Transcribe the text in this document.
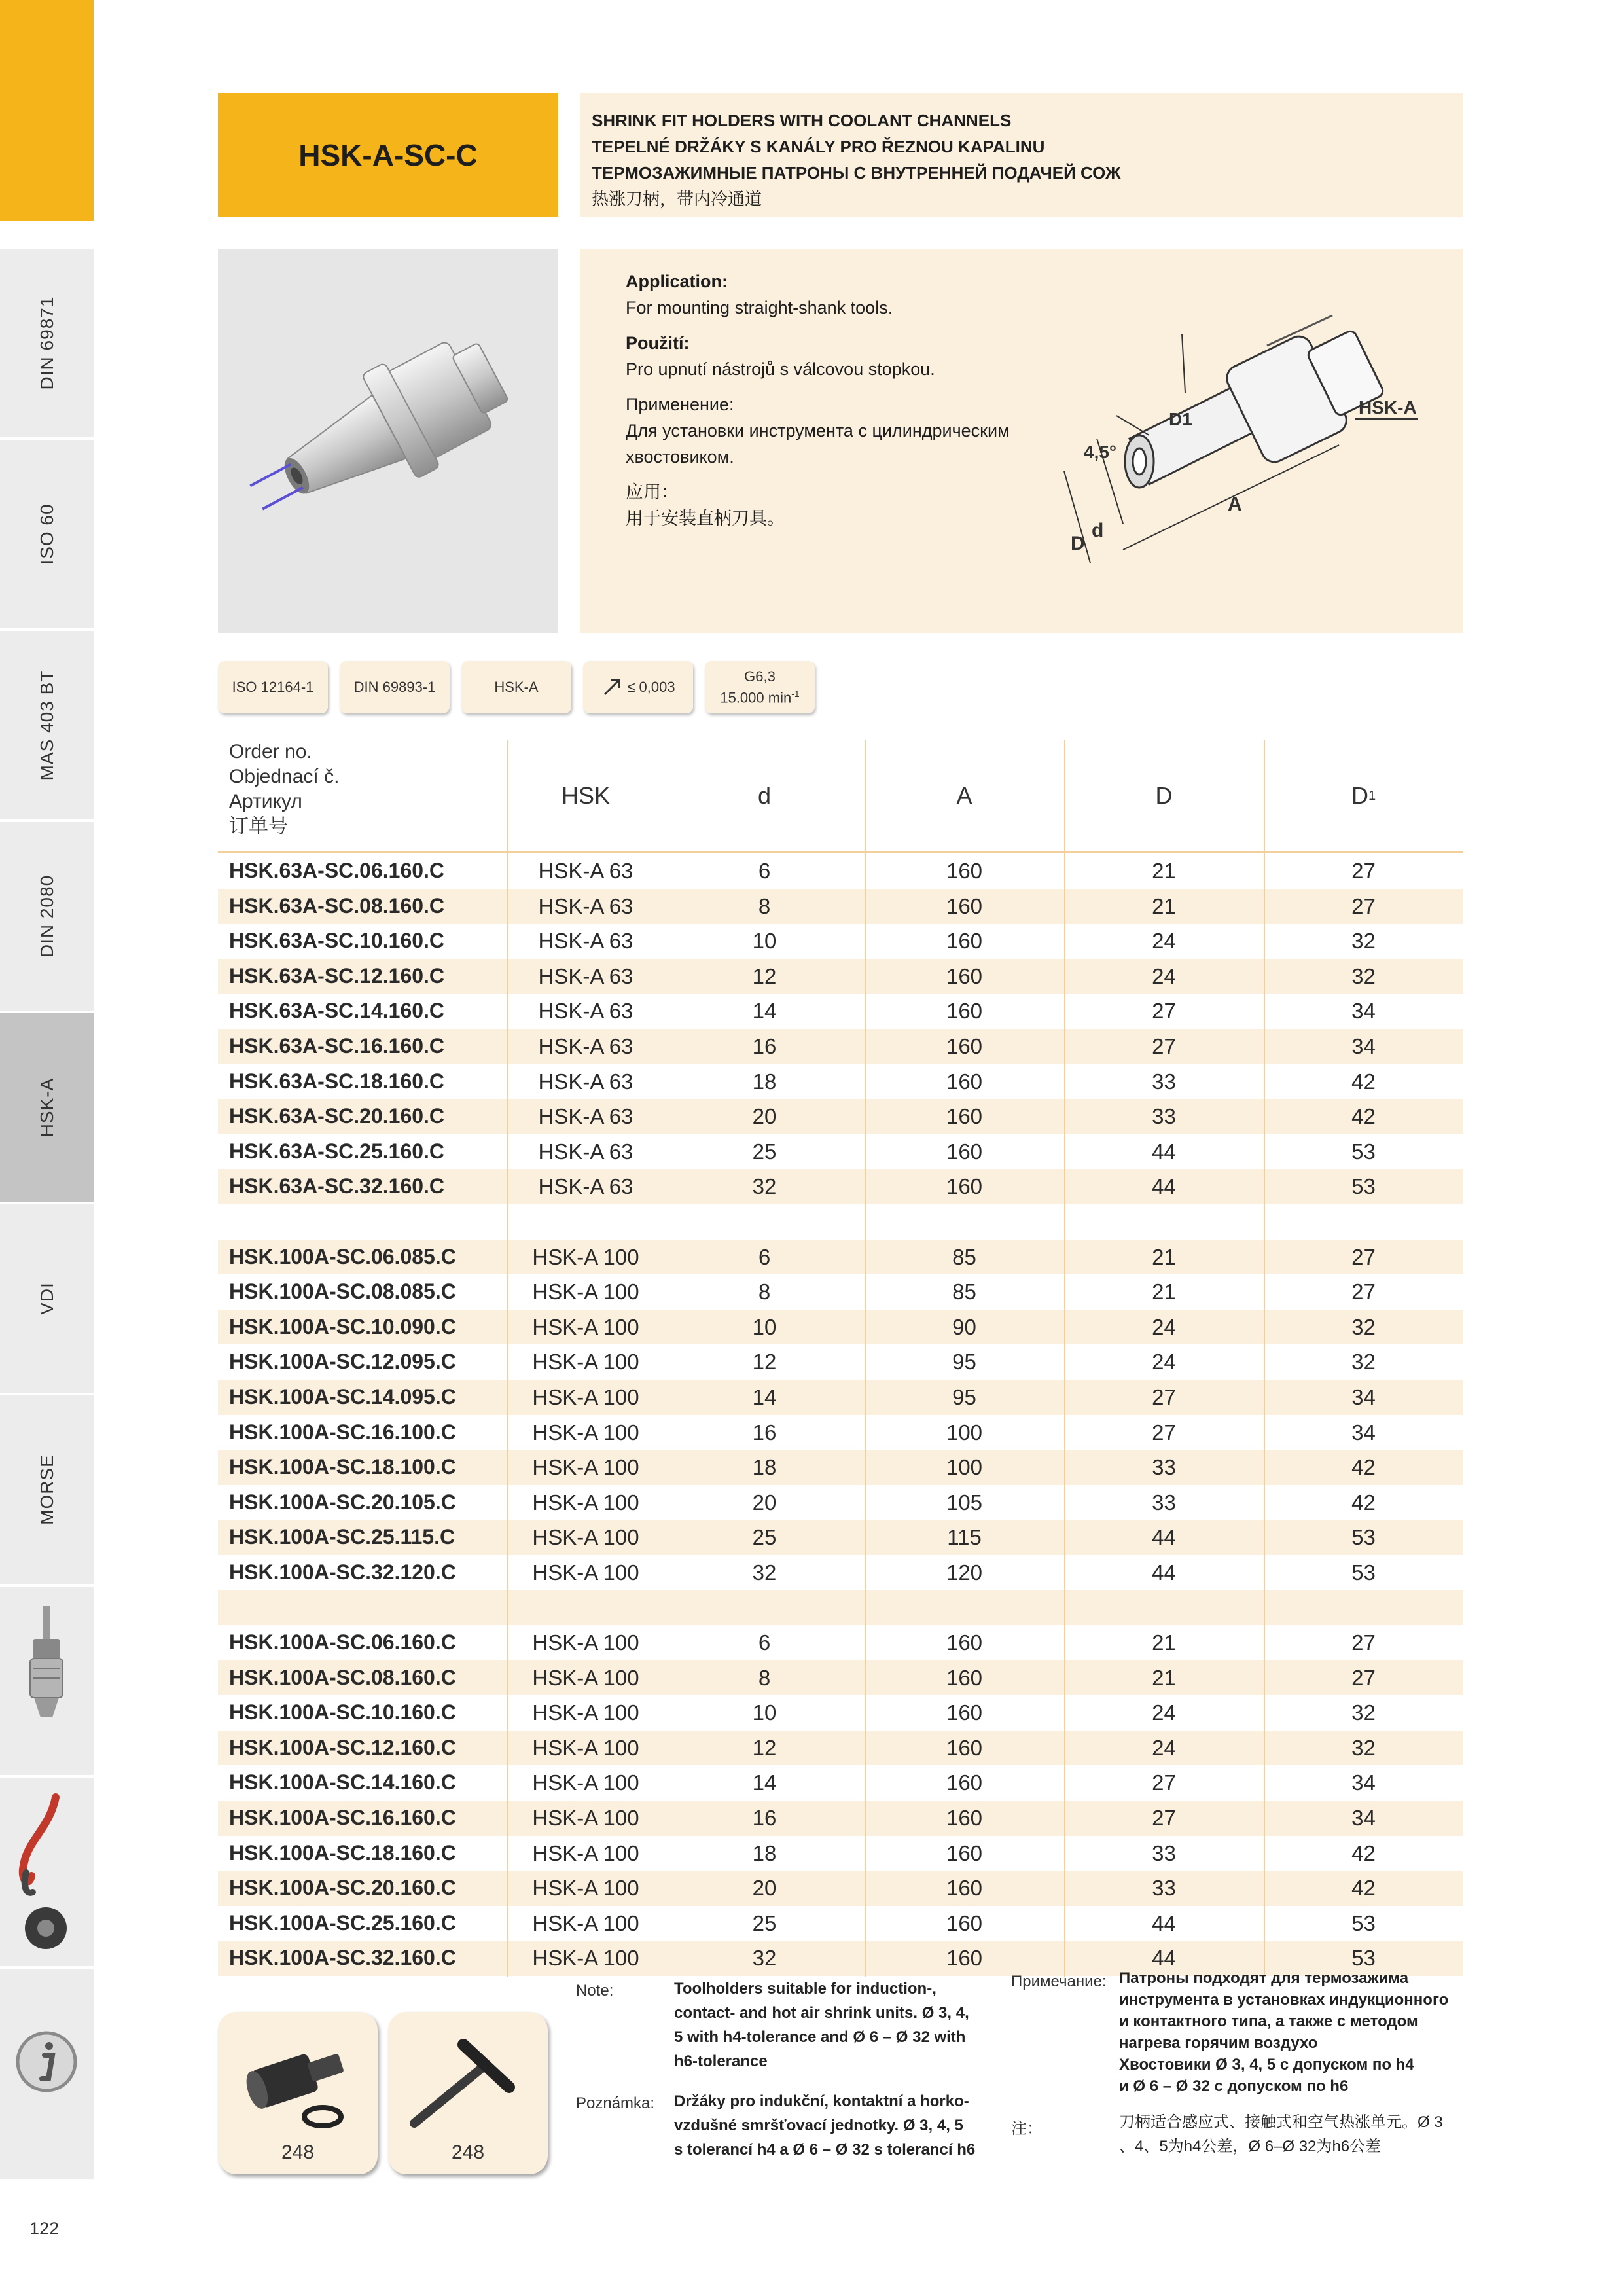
DIN 69871
ISO 60
MAS 403 BT
DIN 2080
HSK-A
VDI
MORSE
HSK-A-SC-C
SHRINK FIT HOLDERS WITH COOLANT CHANNELS
TEPELNÉ DRŽÁKY S KANÁLY PRO ŘEZNOU KAPALINU
ТЕРМОЗАЖИМНЫЕ ПАТРОНЫ С ВНУТРЕННЕЙ ПОДАЧЕЙ СОЖ
热涨刀柄，带内冷通道
Application:
For mounting straight-shank tools.
Použití:
Pro upnutí nástrojů s válcovou stopkou.
Применение:
Для установки инструмента с цилиндрическим хвостовиком.
应用：
用于安装直柄刀具。
4,5°
D1
D
d
A
HSK-A
ISO 12164-1	DIN 69893-1	HSK-A	≤ 0,003
G6,3
15.000 $\min^{-1}$
Order no.
Objednací č.
Артикул
订单号
HSK	d	A	D	D 1
HSK.63A-SC.06.160.C	HSK-A 63	6	160	21	27
HSK.63A-SC.08.160.C	HSK-A 63	8	160	21	27
HSK.63A-SC.10.160.C	HSK-A 63	10	160	24	32
HSK.63A-SC.12.160.C	HSK-A 63	12	160	24	32
HSK.63A-SC.14.160.C	HSK-A 63	14	160	27	34
HSK.63A-SC.16.160.C	HSK-A 63	16	160	27	34
HSK.63A-SC.18.160.C	HSK-A 63	18	160	33	42
HSK.63A-SC.20.160.C	HSK-A 63	20	160	33	42
HSK.63A-SC.25.160.C	HSK-A 63	25	160	44	53
HSK.63A-SC.32.160.C	HSK-A 63	32	160	44	53
HSK.100A-SC.06.085.C	HSK-A 100	6	85	21	27
HSK.100A-SC.08.085.C	HSK-A 100	8	85	21	27
HSK.100A-SC.10.090.C	HSK-A 100	10	90	24	32
HSK.100A-SC.12.095.C	HSK-A 100	12	95	24	32
HSK.100A-SC.14.095.C	HSK-A 100	14	95	27	34
HSK.100A-SC.16.100.C	HSK-A 100	16	100	27	34
HSK.100A-SC.18.100.C	HSK-A 100	18	100	33	42
HSK.100A-SC.20.105.C	HSK-A 100	20	105	33	42
HSK.100A-SC.25.115.C	HSK-A 100	25	115	44	53
HSK.100A-SC.32.120.C	HSK-A 100	32	120	44	53
HSK.100A-SC.06.160.C	HSK-A 100	6	160	21	27
HSK.100A-SC.08.160.C	HSK-A 100	8	160	21	27
HSK.100A-SC.10.160.C	HSK-A 100	10	160	24	32
HSK.100A-SC.12.160.C	HSK-A 100	12	160	24	32
HSK.100A-SC.14.160.C	HSK-A 100	14	160	27	34
HSK.100A-SC.16.160.C	HSK-A 100	16	160	27	34
HSK.100A-SC.18.160.C	HSK-A 100	18	160	33	42
HSK.100A-SC.20.160.C	HSK-A 100	20	160	33	42
HSK.100A-SC.25.160.C	HSK-A 100	25	160	44	53
HSK.100A-SC.32.160.C	HSK-A 100	32	160	44	53
248	248
Note:	Toolholders suitable for induction-,
contact- and hot air shrink units. Ø 3, 4,
5 with h4-tolerance and Ø 6 – Ø 32 with
h6-tolerance
Poznámka: Držáky pro indukční, kontaktní a horko-
vzdušné smršťovací jednotky. Ø 3, 4, 5
s tolerancí h4 a Ø 6 – Ø 32 s tolerancí h6
Примечание: Патроны подходят для термозажима
инструмента в установках индукционного
и контактного типа, а также с методом
нагрева горячим воздухо
Хвостовики Ø 3, 4, 5 с допуском по h4
и Ø 6 – Ø 32 с допуском по h6
注：	刀柄适合感应式、接触式和空气热涨单元。Ø 3
、4、5为h4公差，Ø 6–Ø 32为h6公差
122
